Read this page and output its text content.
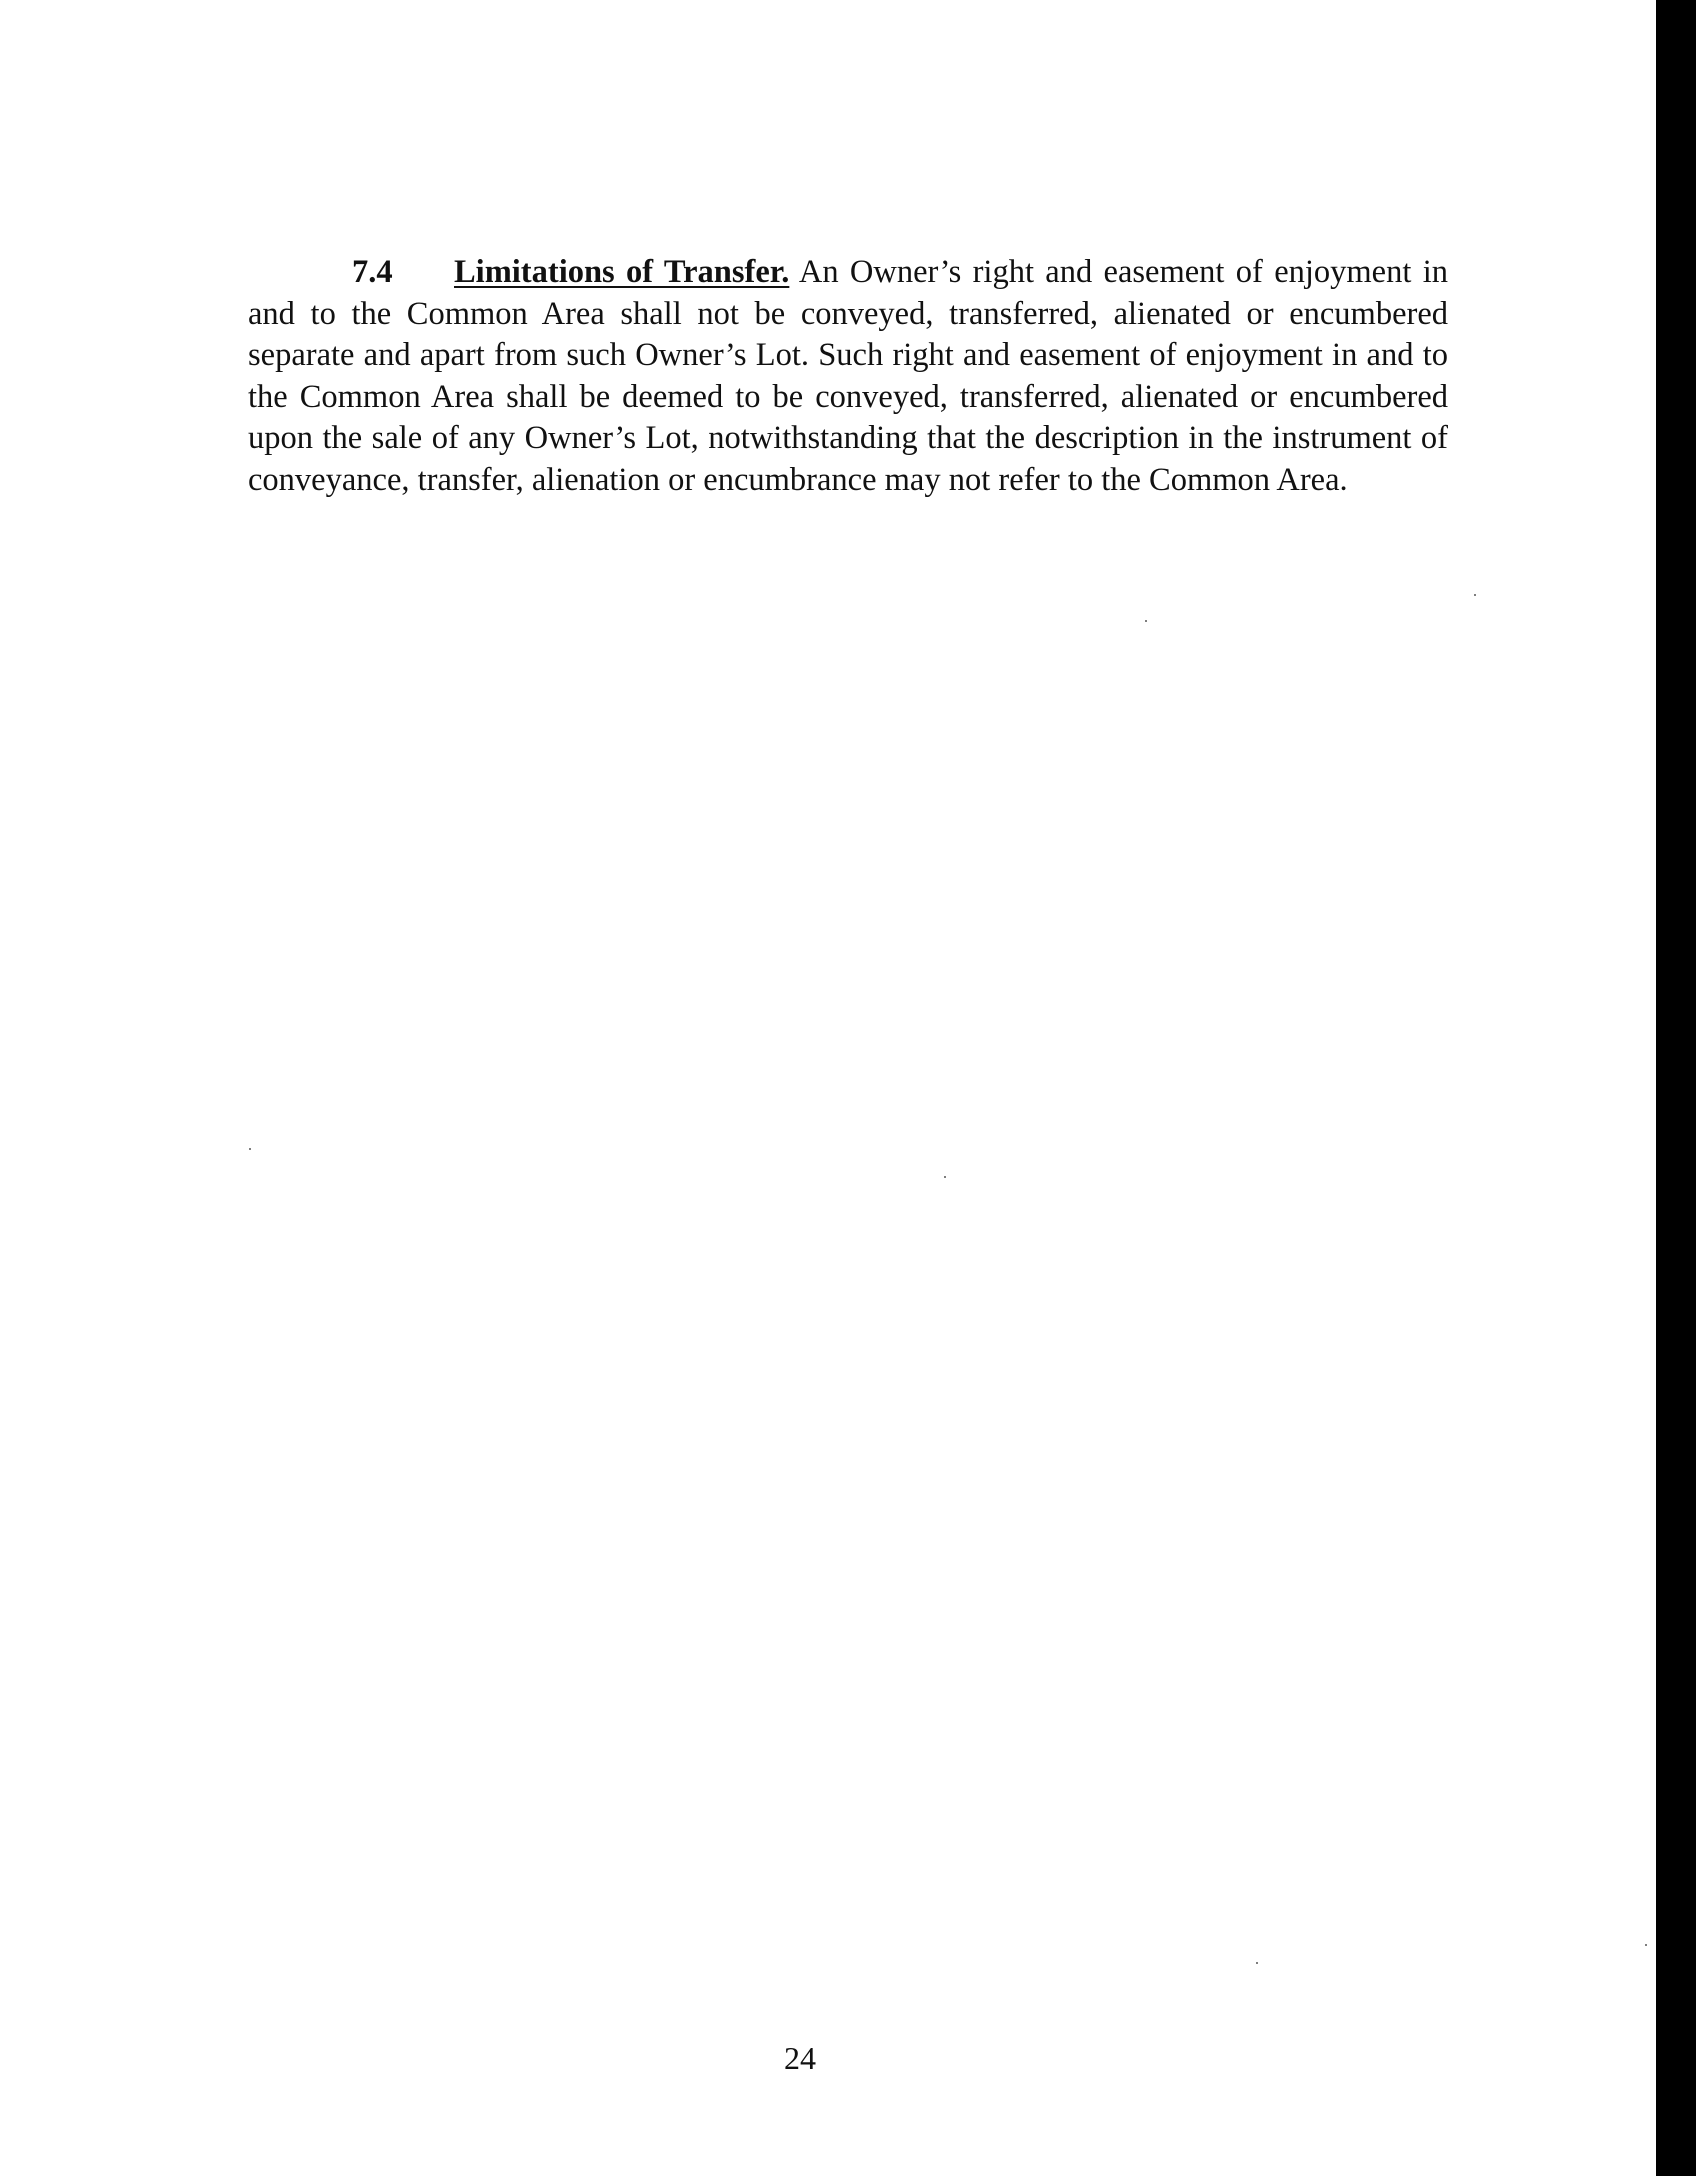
7.4 Limitations of Transfer. An Owner’s right and easement of enjoyment in and to the Common Area shall not be conveyed, transferred, alienated or encumbered separate and apart from such Owner’s Lot. Such right and easement of enjoyment in and to the Common Area shall be deemed to be conveyed, transferred, alienated or encumbered upon the sale of any Owner’s Lot, notwithstanding that the description in the instrument of conveyance, transfer, alienation or encumbrance may not refer to the Common Area.
24
